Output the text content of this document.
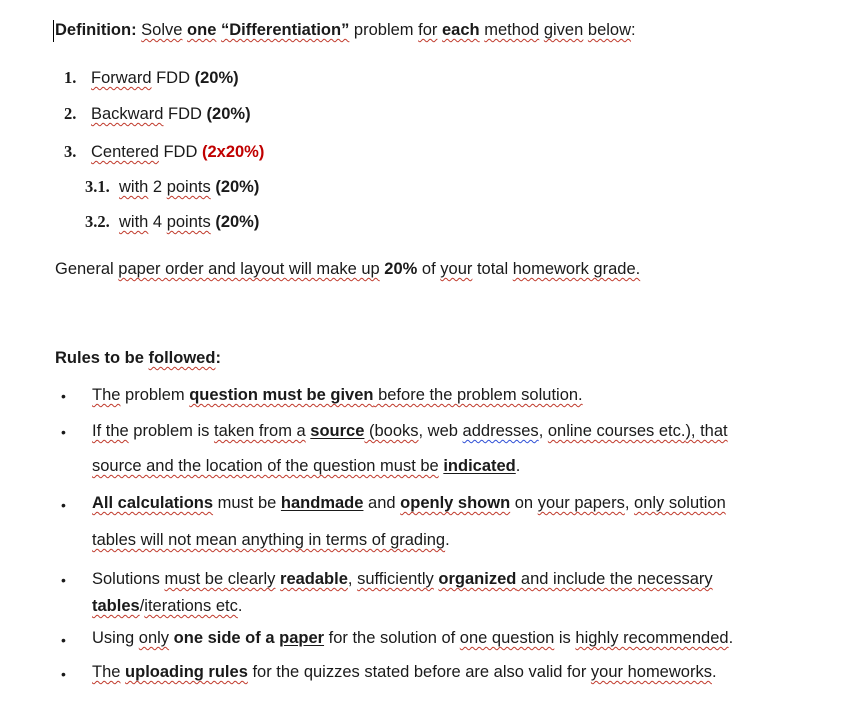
Definition: Solve one “Differentiation” problem for each method given below:
1. Forward FDD (20%)
2. Backward FDD (20%)
3. Centered FDD (2x20%)
3.1. with 2 points (20%)
3.2. with 4 points (20%)
General paper order and layout will make up 20% of your total homework grade.
Rules to be followed:
• The problem question must be given before the problem solution.
• If the problem is taken from a source (books, web addresses, online courses etc.), that
source and the location of the question must be indicated.
• All calculations must be handmade and openly shown on your papers, only solution
tables will not mean anything in terms of grading.
• Solutions must be clearly readable, sufficiently organized and include the necessary
tables/iterations etc.
• Using only one side of a paper for the solution of one question is highly recommended.
• The uploading rules for the quizzes stated before are also valid for your homeworks.
